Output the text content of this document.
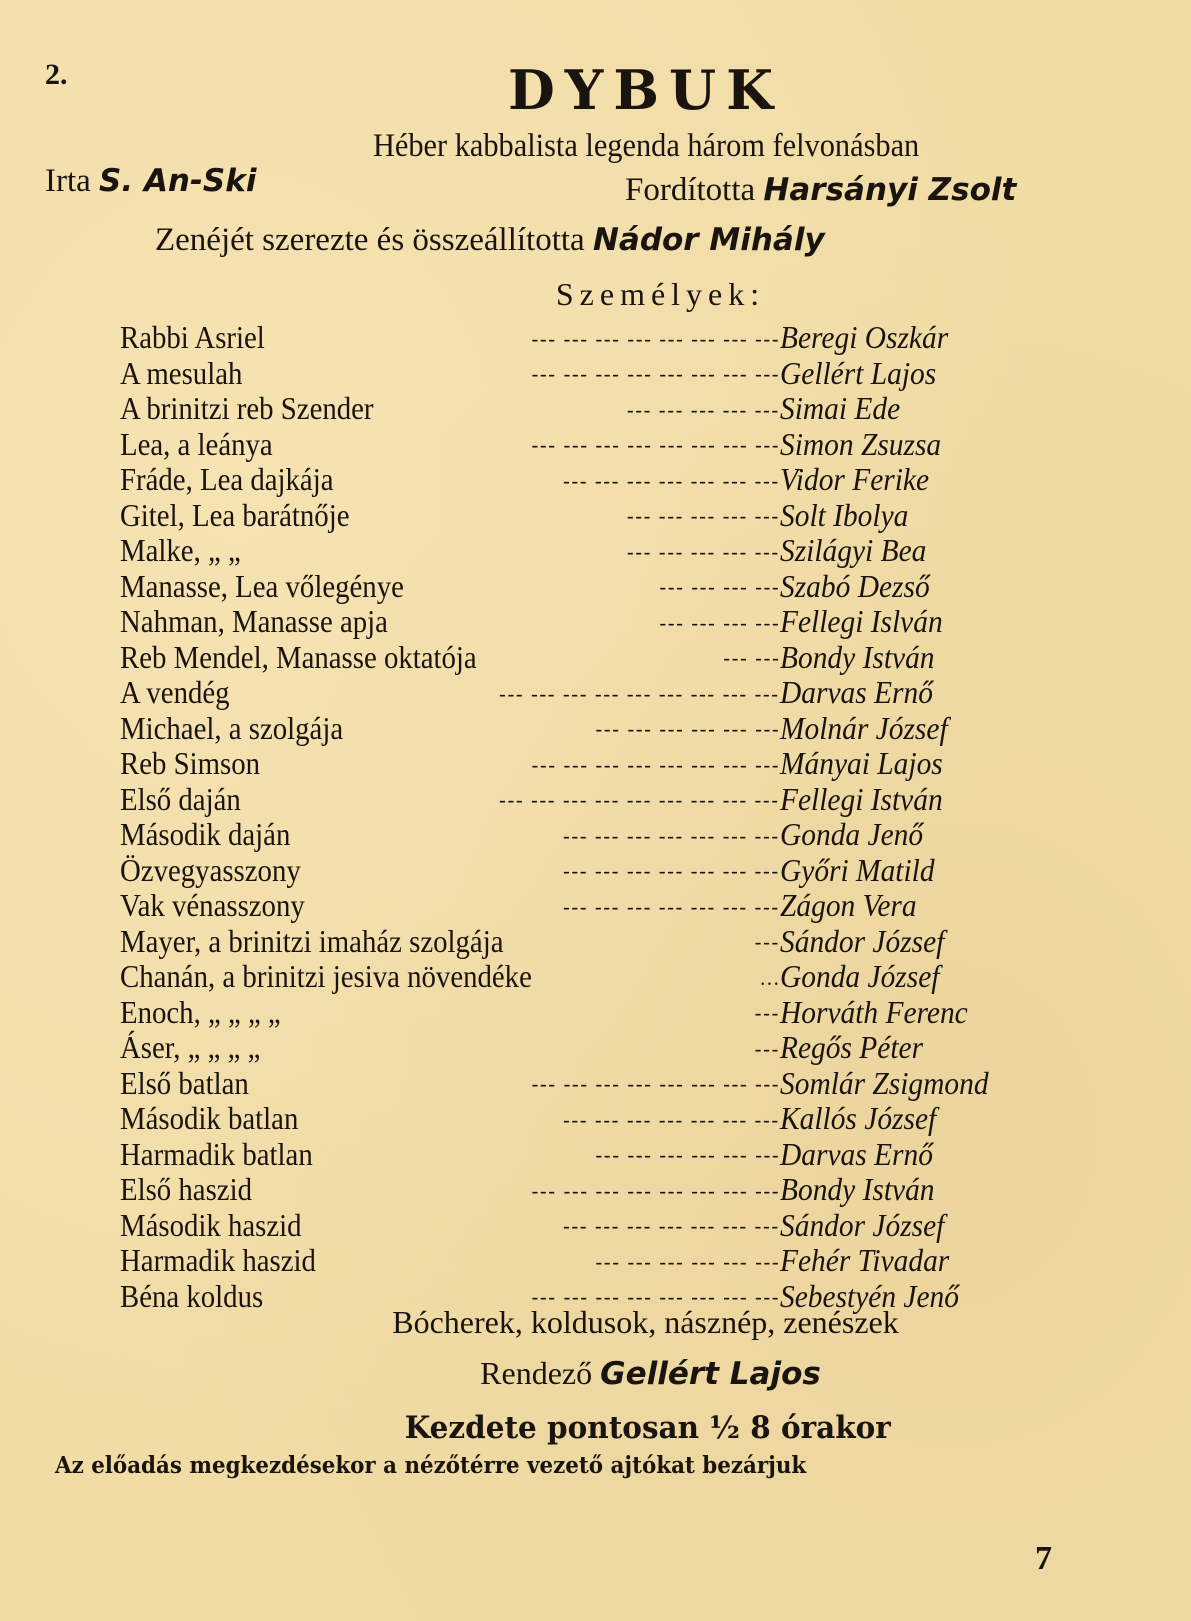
2.	DYBUK
Héber kabbalista legenda három felvonásban
Irta S. An-Ski	Fordította Harsányi Zsolt
Zenéjét szerezte és összeállította Nádor Mihály
Személyek:
Rabbi Asriel	--- --- --- --- --- --- --- --- Beregi Oszkár
A mesulah	--- --- --- --- --- --- --- --- Gellért Lajos
A brinitzi reb Szender	--- --- --- --- --- Simai Ede
Lea, a leánya	--- --- --- --- --- --- --- --- Simon Zsuzsa
Fráde, Lea dajkája	--- --- --- --- --- --- --- Vidor Ferike
Gitel, Lea barátnője	--- --- --- --- --- Solt Ibolya
Malke, „ „	--- --- --- --- --- Szilágyi Bea
Manasse, Lea vőlegénye	--- --- --- --- Szabó Dezső
Nahman, Manasse apja	--- --- --- --- Fellegi Islván
Reb Mendel, Manasse oktatója	--- --- Bondy István
A vendég	--- --- --- --- --- --- --- --- --- Darvas Ernő
Michael, a szolgája	--- --- --- --- --- --- Molnár József
Reb Simson	--- --- --- --- --- --- --- --- Mányai Lajos
Első daján	--- --- --- --- --- --- --- --- --- Fellegi István
Második daján	--- --- --- --- --- --- --- Gonda Jenő
Özvegyasszony	--- --- --- --- --- --- --- Győri Matild
Vak vénasszony	--- --- --- --- --- --- --- Zágon Vera
Mayer, a brinitzi imaház szolgája	--- Sándor József
Chanán, a brinitzi jesiva növendéke	... Gonda József
Enoch, „ „ „ „	--- Horváth Ferenc
Áser, „ „ „ „	--- Regős Péter
Első batlan	--- --- --- --- --- --- --- --- Somlár Zsigmond
Második batlan	--- --- --- --- --- --- --- Kallós József
Harmadik batlan	--- --- --- --- --- --- Darvas Ernő
Első haszid	--- --- --- --- --- --- --- --- Bondy István
Második haszid	--- --- --- --- --- --- --- Sándor József
Harmadik haszid	--- --- --- --- --- --- Fehér Tivadar
Béna koldus	--- --- --- --- --- --- --- --- Sebestyén Jenő
Bócherek, koldusok, násznép, zenészek
Rendező Gellért Lajos
Kezdete pontosan ½ 8 órakor
Az előadás megkezdésekor a nézőtérre vezető ajtókat bezárjuk
7
